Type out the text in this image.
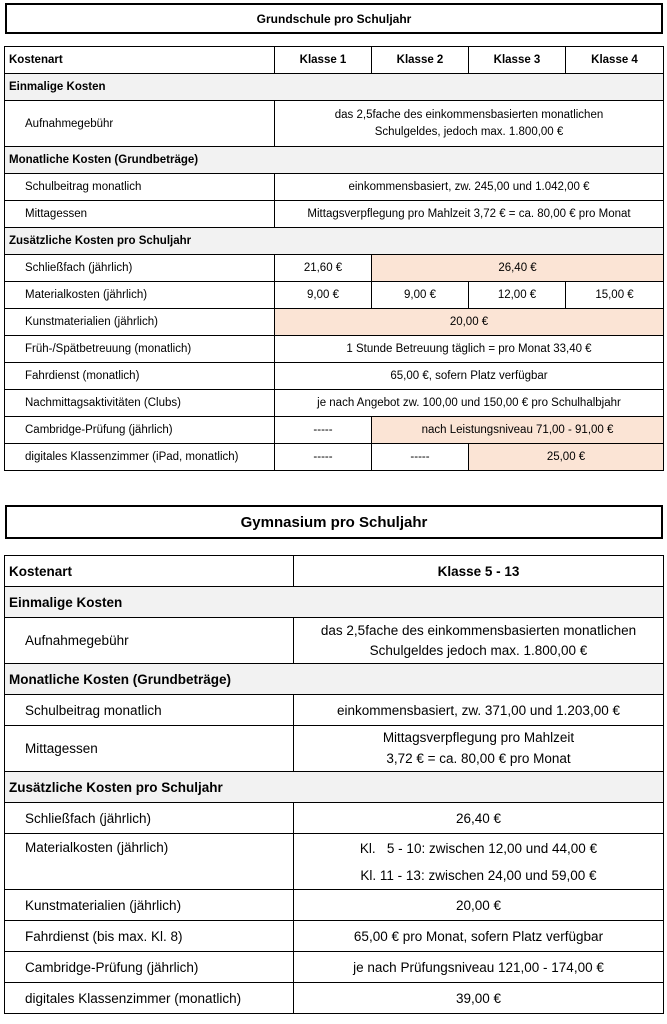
Grundschule pro Schuljahr
Kostenart	Klasse 1	Klasse 2	Klasse 3	Klasse 4
Einmalige Kosten				
Aufnahmegebühr	das 2,5fache des einkommensbasierten monatlichen Schulgeldes, jedoch max. 1.800,00 €			
Monatliche Kosten (Grundbeträge)				
Schulbeitrag monatlich	einkommensbasiert, zw. 245,00 und 1.042,00 €			
Mittagessen	Mittagsverpflegung pro Mahlzeit 3,72 € = ca. 80,00 € pro Monat			
Zusätzliche Kosten pro Schuljahr				
Schließfach (jährlich)	21,60 €	26,40 €		
Materialkosten (jährlich)	9,00 €	9,00 €	12,00 €	15,00 €
Kunstmaterialien (jährlich)	20,00 €			
Früh-/Spätbetreuung (monatlich)	1 Stunde Betreuung täglich = pro Monat 33,40 €			
Fahrdienst (monatlich)	65,00 €, sofern Platz verfügbar			
Nachmittagsaktivitäten (Clubs)	je nach Angebot zw. 100,00 und 150,00 € pro Schulhalbjahr			
Cambridge-Prüfung (jährlich)	-----	nach Leistungsniveau 71,00 - 91,00 €		
digitales Klassenzimmer (iPad, monatlich)	-----	-----	25,00 €	
Gymnasium pro Schuljahr
Kostenart	Klasse 5 - 13
Einmalige Kosten	
Aufnahmegebühr	das 2,5fache des einkommensbasierten monatlichen Schulgeldes jedoch max. 1.800,00 €
Monatliche Kosten (Grundbeträge)	
Schulbeitrag monatlich	einkommensbasiert, zw. 371,00 und 1.203,00 €
Mittagessen	Mittagsverpflegung pro Mahlzeit
3,72 € = ca. 80,00 € pro Monat

Zusätzliche Kosten pro Schuljahr	
Schließfach (jährlich)	26,40 €
Materialkosten (jährlich)	Kl.   5 - 10: zwischen 12,00 und 44,00 €
Kl. 11 - 13: zwischen 24,00 und 59,00 €

Kunstmaterialien (jährlich)	20,00 €
Fahrdienst (bis max. Kl. 8)	65,00 € pro Monat, sofern Platz verfügbar
Cambridge-Prüfung (jährlich)	je nach Prüfungsniveau 121,00 - 174,00 €
digitales Klassenzimmer (monatlich)	39,00 €
